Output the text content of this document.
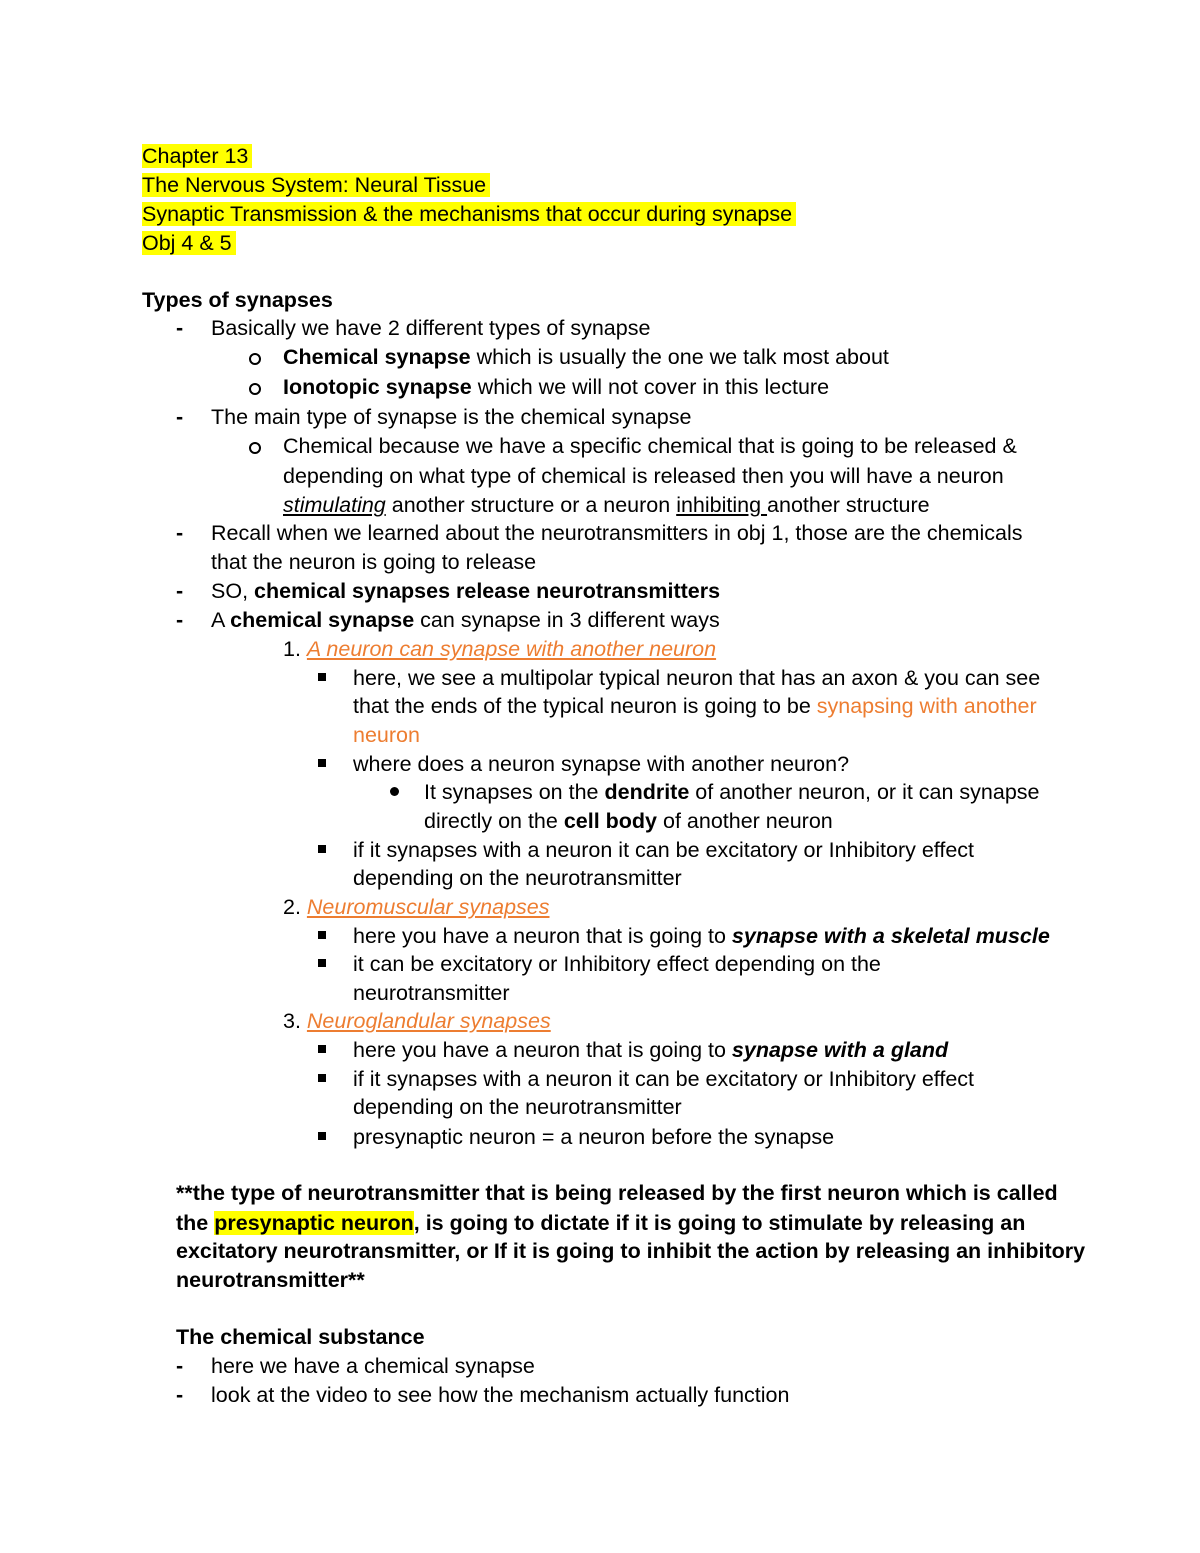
Chapter 13
The Nervous System: Neural Tissue
Synaptic Transmission & the mechanisms that occur during synapse
Obj 4 & 5
Types of synapses
- Basically we have 2 different types of synapse
Chemical synapse which is usually the one we talk most about
Ionotopic synapse which we will not cover in this lecture
- The main type of synapse is the chemical synapse
Chemical because we have a specific chemical that is going to be released &
depending on what type of chemical is released then you will have a neuron
stimulating another structure or a neuron inhibiting another structure
- Recall when we learned about the neurotransmitters in obj 1, those are the chemicals
that the neuron is going to release
- SO, chemical synapses release neurotransmitters
- A chemical synapse can synapse in 3 different ways
1. A neuron can synapse with another neuron
here, we see a multipolar typical neuron that has an axon & you can see
that the ends of the typical neuron is going to be synapsing with another
neuron
where does a neuron synapse with another neuron?
It synapses on the dendrite of another neuron, or it can synapse
directly on the cell body of another neuron
if it synapses with a neuron it can be excitatory or Inhibitory effect
depending on the neurotransmitter
2. Neuromuscular synapses
here you have a neuron that is going to synapse with a skeletal muscle
it can be excitatory or Inhibitory effect depending on the
neurotransmitter
3. Neuroglandular synapses
here you have a neuron that is going to synapse with a gland
if it synapses with a neuron it can be excitatory or Inhibitory effect
depending on the neurotransmitter
presynaptic neuron = a neuron before the synapse
**the type of neurotransmitter that is being released by the first neuron which is called
the presynaptic neuron, is going to dictate if it is going to stimulate by releasing an
excitatory neurotransmitter, or If it is going to inhibit the action by releasing an inhibitory
neurotransmitter**
The chemical substance
- here we have a chemical synapse
- look at the video to see how the mechanism actually function
